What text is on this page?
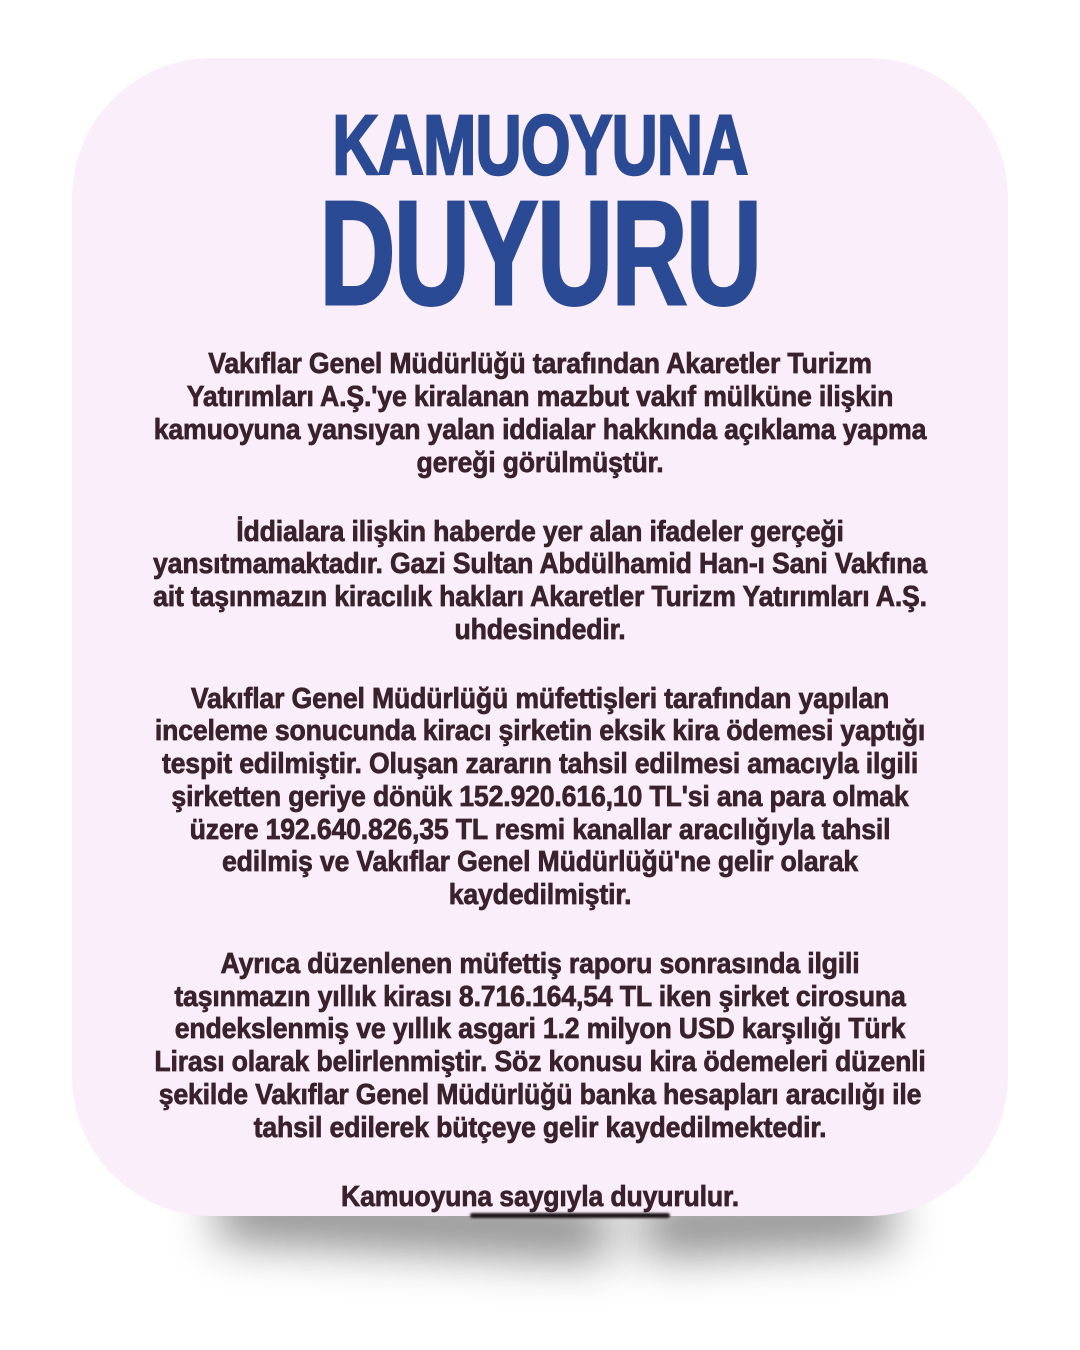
KAMUOYUNA
DUYURU

Vakıflar Genel Müdürlüğü tarafından Akaretler Turizm Yatırımları A.Ş.'ye kiralanan mazbut vakıf mülküne ilişkin kamuoyuna yansıyan yalan iddialar hakkında açıklama yapma gereği görülmüştür.

İddialara ilişkin haberde yer alan ifadeler gerçeği yansıtmamaktadır. Gazi Sultan Abdülhamid Han-ı Sani Vakfına ait taşınmazın kiracılık hakları Akaretler Turizm Yatırımları A.Ş. uhdesindedir.

Vakıflar Genel Müdürlüğü müfettişleri tarafından yapılan inceleme sonucunda kiracı şirketin eksik kira ödemesi yaptığı tespit edilmiştir. Oluşan zararın tahsil edilmesi amacıyla ilgili şirketten geriye dönük 152.920.616,10 TL'si ana para olmak üzere 192.640.826,35 TL resmi kanallar aracılığıyla tahsil edilmiş ve Vakıflar Genel Müdürlüğü'ne gelir olarak kaydedilmiştir.

Ayrıca düzenlenen müfettiş raporu sonrasında ilgili taşınmazın yıllık kirası 8.716.164,54 TL iken şirket cirosuna endekslenmiş ve yıllık asgari 1.2 milyon USD karşılığı Türk Lirası olarak belirlenmiştir. Söz konusu kira ödemeleri düzenli şekilde Vakıflar Genel Müdürlüğü banka hesapları aracılığı ile tahsil edilerek bütçeye gelir kaydedilmektedir.

Kamuoyuna saygıyla duyurulur.
